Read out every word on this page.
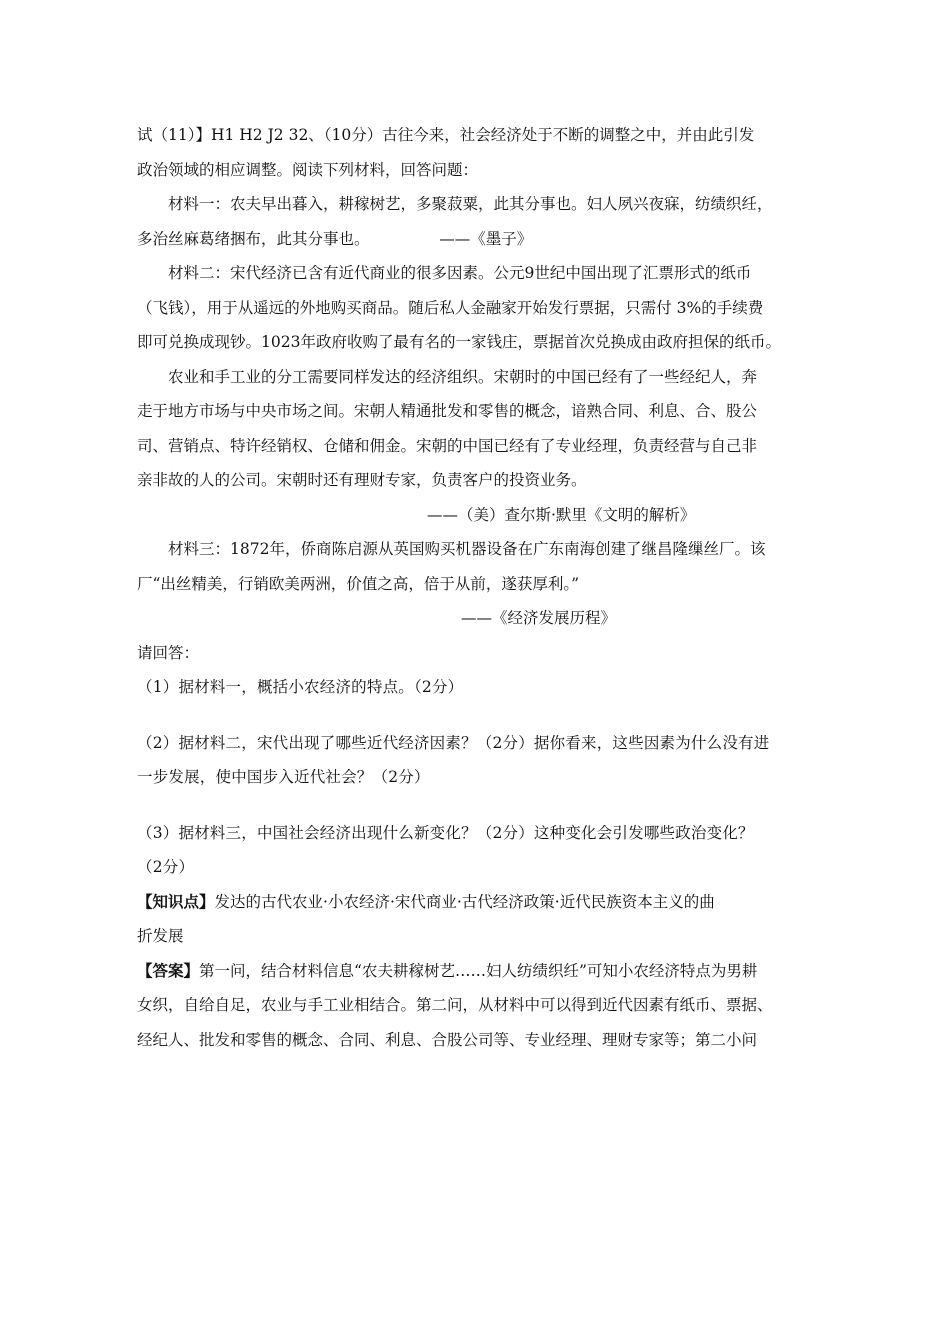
试（11）】H1 H2 J2 32、（10分）古往今来，社会经济处于不断的调整之中，并由此引发

政治领域的相应调整。阅读下列材料，回答问题：

材料一：农夫早出暮入，耕稼树艺，多聚菽粟，此其分事也。妇人夙兴夜寐，纺绩织纴，

多治丝麻葛绪捆布，此其分事也。　　　　　——《墨子》

材料二：宋代经济已含有近代商业的很多因素。公元9世纪中国出现了汇票形式的纸币

（飞钱），用于从遥远的外地购买商品。随后私人金融家开始发行票据，只需付 3%的手续费

即可兑换成现钞。1023年政府收购了最有名的一家钱庄，票据首次兑换成由政府担保的纸币。

农业和手工业的分工需要同样发达的经济组织。宋朝时的中国已经有了一些经纪人，奔

走于地方市场与中央市场之间。宋朝人精通批发和零售的概念，谙熟合同、利息、合、股公

司、营销点、特许经销权、仓储和佣金。宋朝的中国已经有了专业经理，负责经营与自己非

亲非故的人的公司。宋朝时还有理财专家，负责客户的投资业务。

——（美）查尔斯·默里《文明的解析》

材料三：1872年，侨商陈启源从英国购买机器设备在广东南海创建了继昌隆缫丝厂。该

厂“出丝精美，行销欧美两洲，价值之高，倍于从前，遂获厚利。”

——《经济发展历程》

请回答：

（1）据材料一，概括小农经济的特点。（2分）

（2）据材料二，宋代出现了哪些近代经济因素？（2分）据你看来，这些因素为什么没有进

一步发展，使中国步入近代社会？（2分）

（3）据材料三，中国社会经济出现什么新变化？（2分）这种变化会引发哪些政治变化？

（2分）

【知识点】发达的古代农业·小农经济·宋代商业·古代经济政策·近代民族资本主义的曲

折发展

【答案】第一问，结合材料信息“农夫耕稼树艺……妇人纺绩织纴”可知小农经济特点为男耕

女织，自给自足，农业与手工业相结合。第二问，从材料中可以得到近代因素有纸币、票据、

经纪人、批发和零售的概念、合同、利息、合股公司等、专业经理、理财专家等；第二小问
